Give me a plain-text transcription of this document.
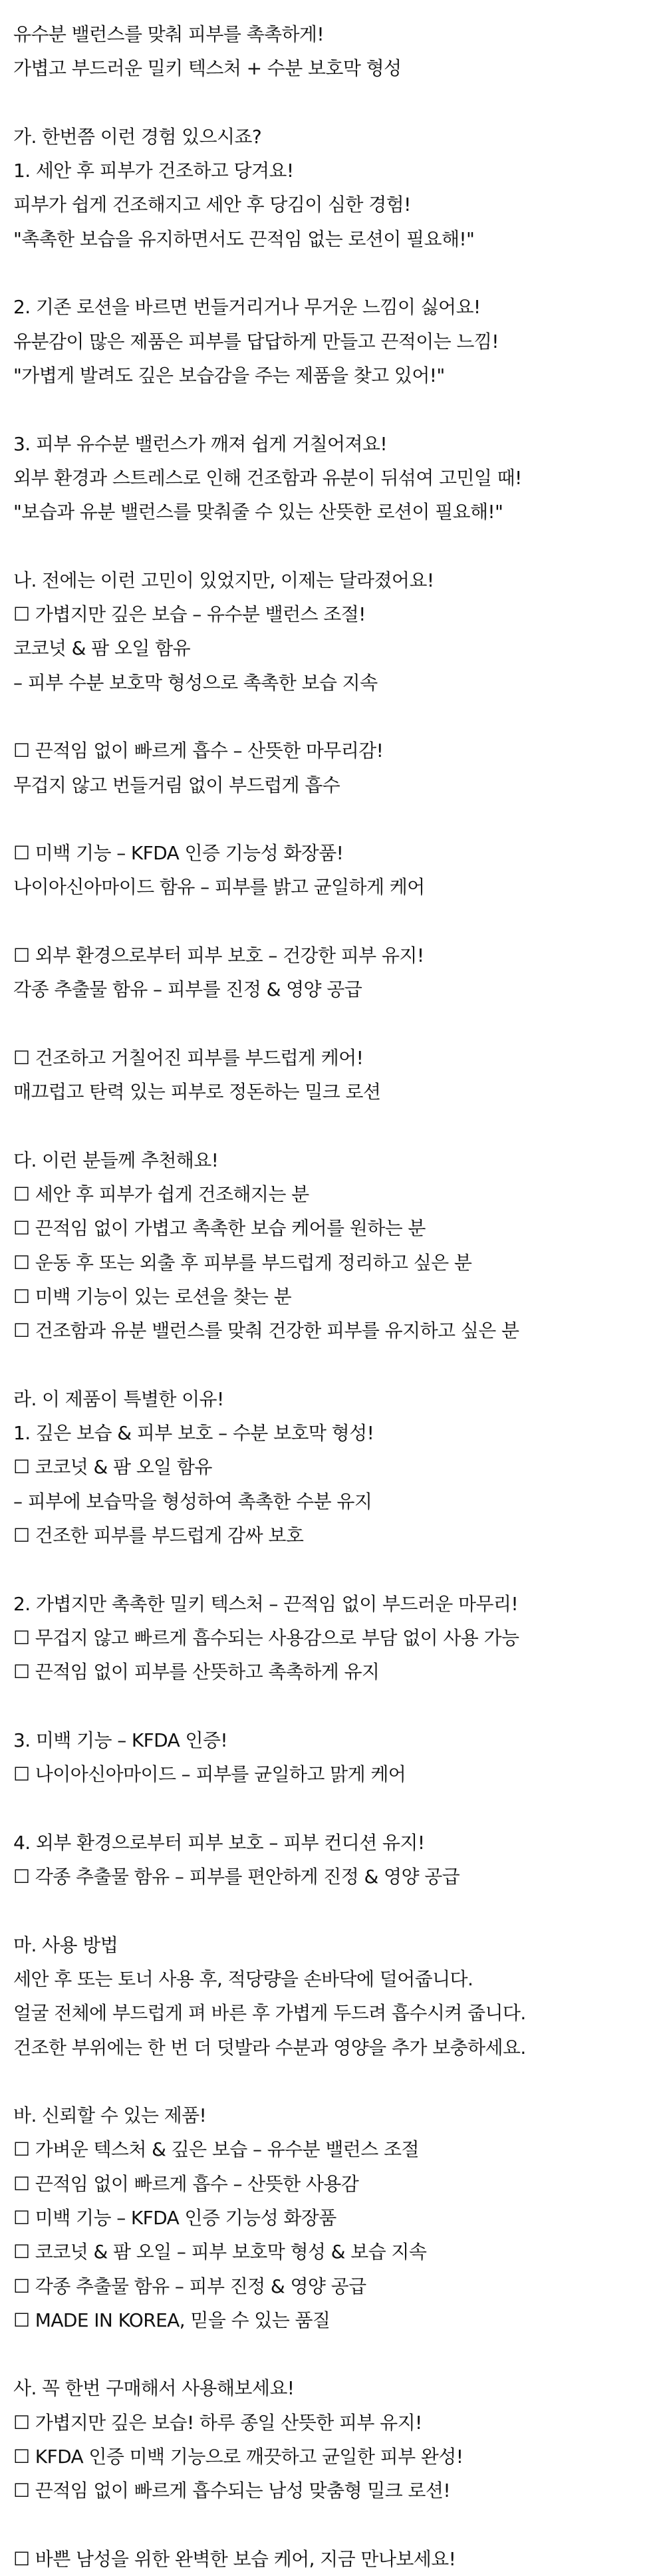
유수분 밸런스를 맞춰 피부를 촉촉하게!
가볍고 부드러운 밀키 텍스처 + 수분 보호막 형성
가. 한번쯤 이런 경험 있으시죠?
1. 세안 후 피부가 건조하고 당겨요!
피부가 쉽게 건조해지고 세안 후 당김이 심한 경험!
"촉촉한 보습을 유지하면서도 끈적임 없는 로션이 필요해!"
2. 기존 로션을 바르면 번들거리거나 무거운 느낌이 싫어요!
유분감이 많은 제품은 피부를 답답하게 만들고 끈적이는 느낌!
"가볍게 발려도 깊은 보습감을 주는 제품을 찾고 있어!"
3. 피부 유수분 밸런스가 깨져 쉽게 거칠어져요!
외부 환경과 스트레스로 인해 건조함과 유분이 뒤섞여 고민일 때!
"보습과 유분 밸런스를 맞춰줄 수 있는 산뜻한 로션이 필요해!"
나. 전에는 이런 고민이 있었지만, 이제는 달라졌어요!
☐ 가볍지만 깊은 보습 – 유수분 밸런스 조절!
코코넛 & 팜 오일 함유
– 피부 수분 보호막 형성으로 촉촉한 보습 지속
☐ 끈적임 없이 빠르게 흡수 – 산뜻한 마무리감!
무겁지 않고 번들거림 없이 부드럽게 흡수
☐ 미백 기능 – KFDA 인증 기능성 화장품!
나이아신아마이드 함유 – 피부를 밝고 균일하게 케어
☐ 외부 환경으로부터 피부 보호 – 건강한 피부 유지!
각종 추출물 함유 – 피부를 진정 & 영양 공급
☐ 건조하고 거칠어진 피부를 부드럽게 케어!
매끄럽고 탄력 있는 피부로 정돈하는 밀크 로션
다. 이런 분들께 추천해요!
☐ 세안 후 피부가 쉽게 건조해지는 분
☐ 끈적임 없이 가볍고 촉촉한 보습 케어를 원하는 분
☐ 운동 후 또는 외출 후 피부를 부드럽게 정리하고 싶은 분
☐ 미백 기능이 있는 로션을 찾는 분
☐ 건조함과 유분 밸런스를 맞춰 건강한 피부를 유지하고 싶은 분
라. 이 제품이 특별한 이유!
1. 깊은 보습 & 피부 보호 – 수분 보호막 형성!
☐ 코코넛 & 팜 오일 함유
– 피부에 보습막을 형성하여 촉촉한 수분 유지
☐ 건조한 피부를 부드럽게 감싸 보호
2. 가볍지만 촉촉한 밀키 텍스처 – 끈적임 없이 부드러운 마무리!
☐ 무겁지 않고 빠르게 흡수되는 사용감으로 부담 없이 사용 가능
☐ 끈적임 없이 피부를 산뜻하고 촉촉하게 유지
3. 미백 기능 – KFDA 인증!
☐ 나이아신아마이드 – 피부를 균일하고 맑게 케어
4. 외부 환경으로부터 피부 보호 – 피부 컨디션 유지!
☐ 각종 추출물 함유 – 피부를 편안하게 진정 & 영양 공급
마. 사용 방법
세안 후 또는 토너 사용 후, 적당량을 손바닥에 덜어줍니다.
얼굴 전체에 부드럽게 펴 바른 후 가볍게 두드려 흡수시켜 줍니다.
건조한 부위에는 한 번 더 덧발라 수분과 영양을 추가 보충하세요.
바. 신뢰할 수 있는 제품!
☐ 가벼운 텍스처 & 깊은 보습 – 유수분 밸런스 조절
☐ 끈적임 없이 빠르게 흡수 – 산뜻한 사용감
☐ 미백 기능 – KFDA 인증 기능성 화장품
☐ 코코넛 & 팜 오일 – 피부 보호막 형성 & 보습 지속
☐ 각종 추출물 함유 – 피부 진정 & 영양 공급
☐ MADE IN KOREA, 믿을 수 있는 품질
사. 꼭 한번 구매해서 사용해보세요!
☐ 가볍지만 깊은 보습! 하루 종일 산뜻한 피부 유지!
☐ KFDA 인증 미백 기능으로 깨끗하고 균일한 피부 완성!
☐ 끈적임 없이 빠르게 흡수되는 남성 맞춤형 밀크 로션!
☐ 바쁜 남성을 위한 완벽한 보습 케어, 지금 만나보세요!
